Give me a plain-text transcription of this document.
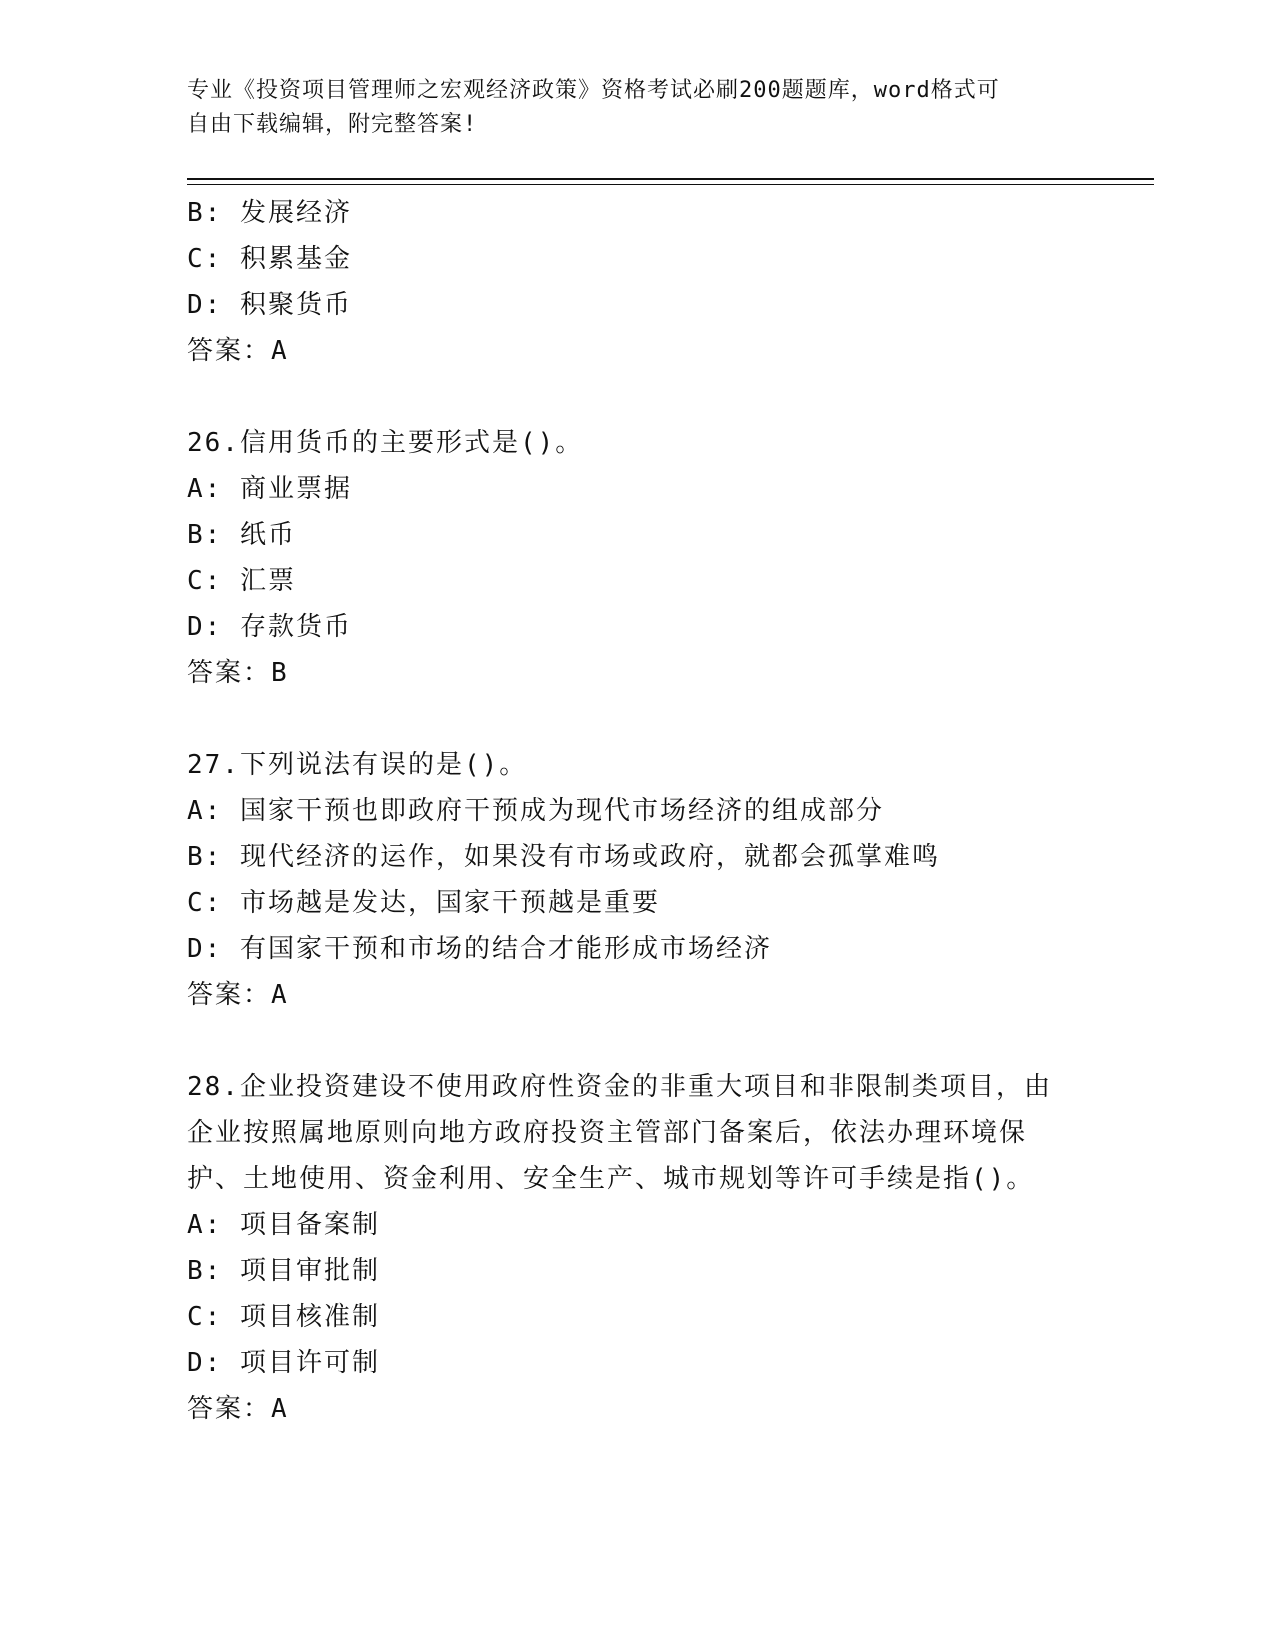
专业《投资项目管理师之宏观经济政策》资格考试必刷200题题库，word格式可
自由下载编辑，附完整答案!
B: 发展经济
C: 积累基金
D: 积聚货币
答案：A
26.信用货币的主要形式是()。
A: 商业票据
B: 纸币
C: 汇票
D: 存款货币
答案：B
27.下列说法有误的是()。
A: 国家干预也即政府干预成为现代市场经济的组成部分
B: 现代经济的运作，如果没有市场或政府，就都会孤掌难鸣
C: 市场越是发达，国家干预越是重要
D: 有国家干预和市场的结合才能形成市场经济
答案：A
28.企业投资建设不使用政府性资金的非重大项目和非限制类项目，由
企业按照属地原则向地方政府投资主管部门备案后，依法办理环境保
护、土地使用、资金利用、安全生产、城市规划等许可手续是指()。
A: 项目备案制
B: 项目审批制
C: 项目核准制
D: 项目许可制
答案：A
